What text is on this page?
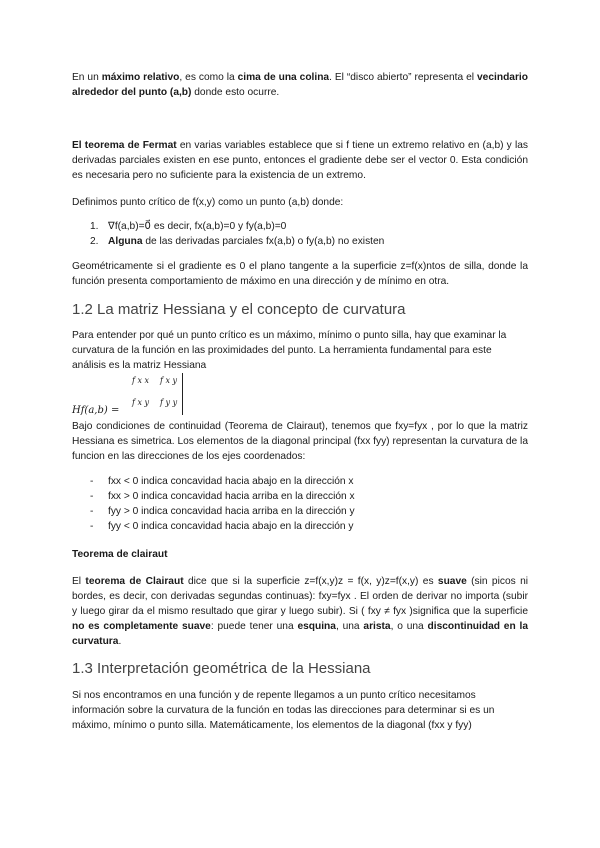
En un máximo relativo, es como la cima de una colina. El “disco abierto” representa el vecindario alrededor del punto (a,b) donde esto ocurre.

El teorema de Fermat en varias variables establece que si f tiene un extremo relativo en (a,b) y las derivadas parciales existen en ese punto, entonces el gradiente debe ser el vector 0. Esta condición es necesaria pero no suficiente para la existencia de un extremo.

Definimos punto crítico de f(x,y) como un punto (a,b) donde:

1. ∇f(a,b)=0⃗ es decir, fx(a,b)=0 y fy(a,b)=0
2. Alguna de las derivadas parciales fx(a,b) o fy(a,b) no existen

Geométricamente si el gradiente es 0 el plano tangente a la superficie z=f(x)ntos de silla, donde la función presenta comportamiento de máximo en una dirección y de mínimo en otra.

1.2 La matriz Hessiana y el concepto de curvatura

Para entender por qué un punto crítico es un máximo, mínimo o punto silla, hay que examinar la curvatura de la función en las proximidades del punto. La herramienta fundamental para este análisis es la matriz Hessiana

Hf(a,b) =
f x x f x y
f x y f y y

Bajo condiciones de continuidad (Teorema de Clairaut), tenemos que fxy=fyx , por lo que la matriz Hessiana es simetrica. Los elementos de la diagonal principal (fxx fyy) representan la curvatura de la funcion en las direcciones de los ejes coordenados:

-	fxx < 0 indica concavidad hacia abajo en la dirección x
-	fxx > 0 indica concavidad hacia arriba en la dirección x
-	fyy > 0 indica concavidad hacia arriba en la dirección y
-	fyy < 0 indica concavidad hacia abajo en la dirección y

Teorema de clairaut

El teorema de Clairaut dice que si la superficie z=f(x,y)z = f(x, y)z=f(x,y) es suave (sin picos ni bordes, es decir, con derivadas segundas continuas): fxy=fyx . El orden de derivar no importa (subir y luego girar da el mismo resultado que girar y luego subir). Si ( fxy ≠ fyx )significa que la superficie no es completamente suave: puede tener una esquina, una arista, o una discontinuidad en la curvatura.

1.3 Interpretación geométrica de la Hessiana

Si nos encontramos en una función y de repente llegamos a un punto crítico necesitamos información sobre la curvatura de la función en todas las direcciones para determinar si es un máximo, mínimo o punto silla. Matemáticamente, los elementos de la diagonal (fxx y fyy)
